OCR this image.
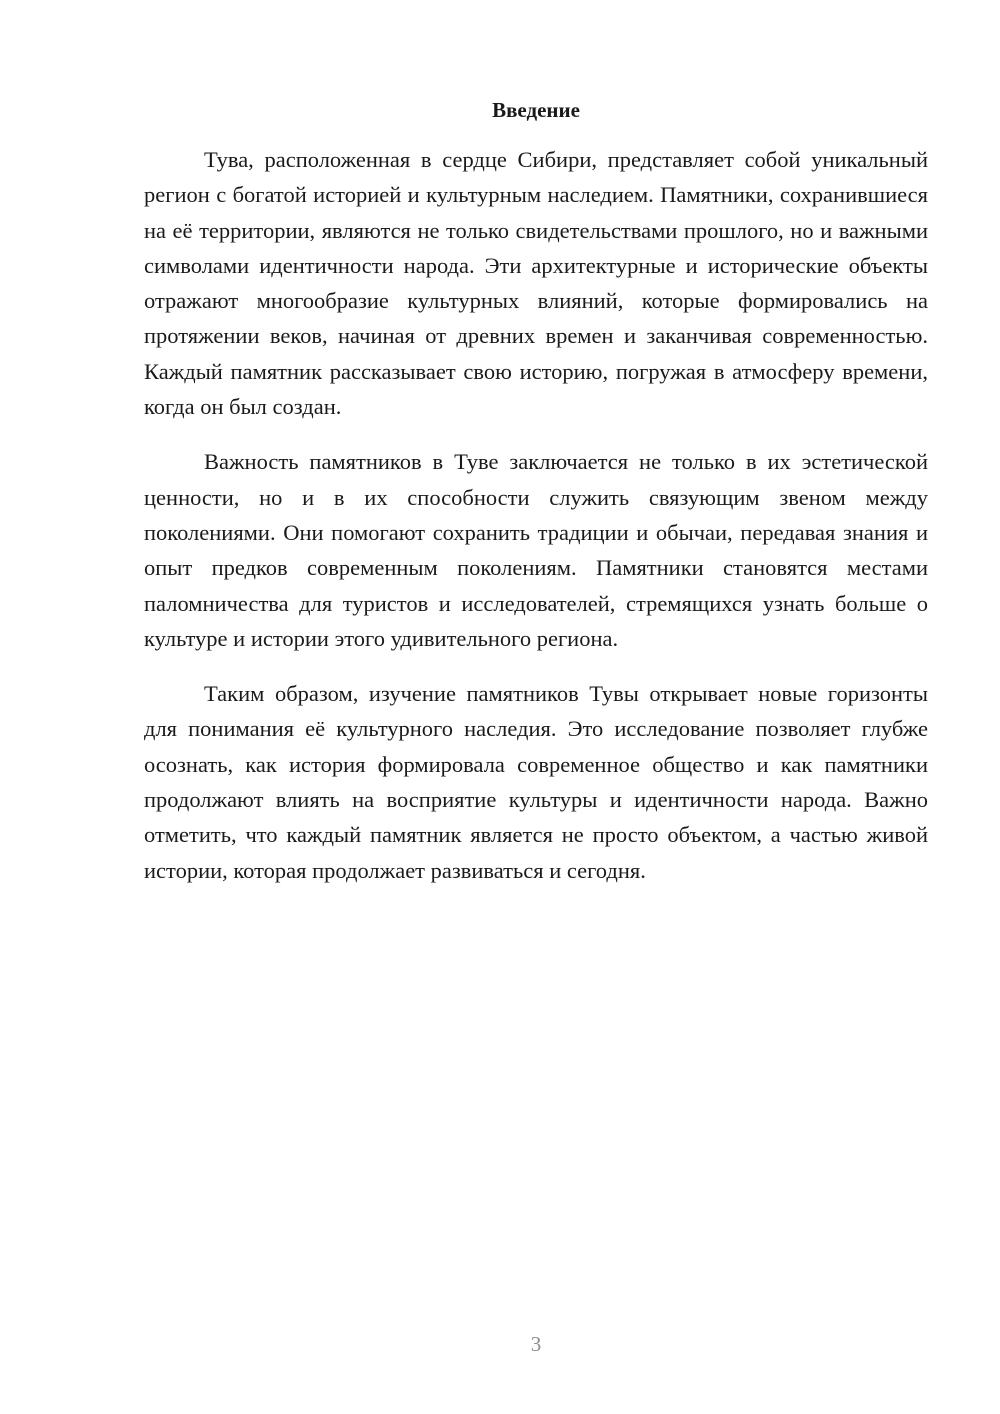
Введение

Тува, расположенная в сердце Сибири, представляет собой уникальный регион с богатой историей и культурным наследием. Памятники, сохранившиеся на её территории, являются не только свидетельствами прошлого, но и важными символами идентичности народа. Эти архитектурные и исторические объекты отражают многообразие культурных влияний, которые формировались на протяжении веков, начиная от древних времен и заканчивая современностью. Каждый памятник рассказывает свою историю, погружая в атмосферу времени, когда он был создан.

Важность памятников в Туве заключается не только в их эстетической ценности, но и в их способности служить связующим звеном между поколениями. Они помогают сохранить традиции и обычаи, передавая знания и опыт предков современным поколениям. Памятники становятся местами паломничества для туристов и исследователей, стремящихся узнать больше о культуре и истории этого удивительного региона.

Таким образом, изучение памятников Тувы открывает новые горизонты для понимания её культурного наследия. Это исследование позволяет глубже осознать, как история формировала современное общество и как памятники продолжают влиять на восприятие культуры и идентичности народа. Важно отметить, что каждый памятник является не просто объектом, а частью живой истории, которая продолжает развиваться и сегодня.

3
